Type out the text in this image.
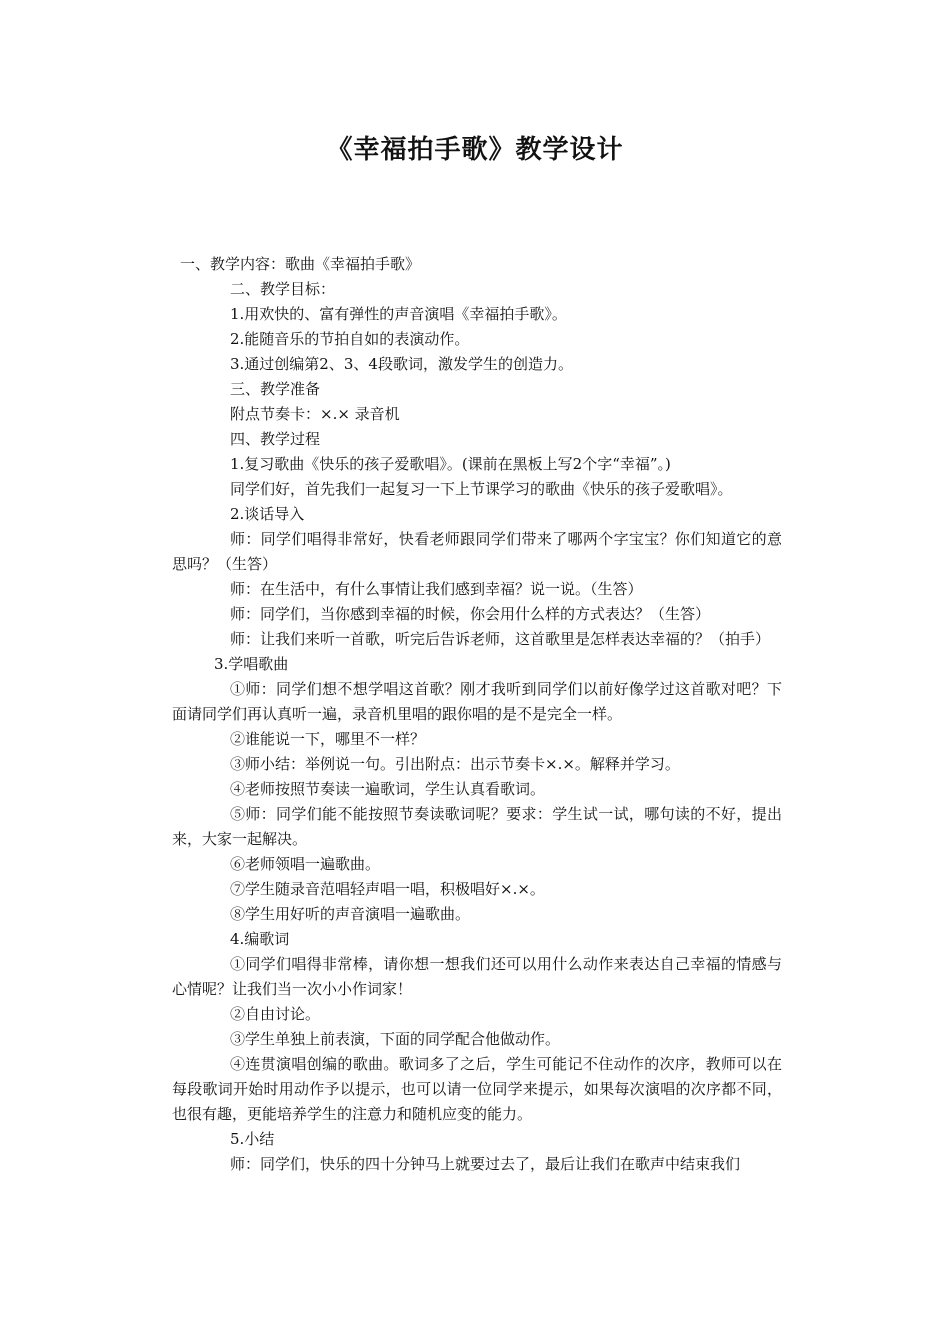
《幸福拍手歌》教学设计

一、教学内容：歌曲《幸福拍手歌》

二、教学目标：

1.用欢快的、富有弹性的声音演唱《幸福拍手歌》。

2.能随音乐的节拍自如的表演动作。

3.通过创编第2、3、4段歌词，激发学生的创造力。

三、教学准备

附点节奏卡：×.× 录音机

四、教学过程

1.复习歌曲《快乐的孩子爱歌唱》。(课前在黑板上写2个字“幸福”。)

同学们好，首先我们一起复习一下上节课学习的歌曲《快乐的孩子爱歌唱》。

2.谈话导入

师：同学们唱得非常好，快看老师跟同学们带来了哪两个字宝宝？你们知道它的意思吗？（生答）

师：在生活中，有什么事情让我们感到幸福？说一说。（生答）

师：同学们，当你感到幸福的时候，你会用什么样的方式表达？（生答）

师：让我们来听一首歌，听完后告诉老师，这首歌里是怎样表达幸福的？（拍手）

3.学唱歌曲

①师：同学们想不想学唱这首歌？刚才我听到同学们以前好像学过这首歌对吧？下面请同学们再认真听一遍，录音机里唱的跟你唱的是不是完全一样。

②谁能说一下，哪里不一样？

③师小结：举例说一句。引出附点：出示节奏卡×.×。解释并学习。

④老师按照节奏读一遍歌词，学生认真看歌词。

⑤师：同学们能不能按照节奏读歌词呢？要求：学生试一试，哪句读的不好，提出来，大家一起解决。

⑥老师领唱一遍歌曲。

⑦学生随录音范唱轻声唱一唱，积极唱好×.×。

⑧学生用好听的声音演唱一遍歌曲。

4.编歌词

①同学们唱得非常棒，请你想一想我们还可以用什么动作来表达自己幸福的情感与心情呢？让我们当一次小小作词家！

②自由讨论。

③学生单独上前表演，下面的同学配合他做动作。

④连贯演唱创编的歌曲。歌词多了之后，学生可能记不住动作的次序，教师可以在每段歌词开始时用动作予以提示，也可以请一位同学来提示，如果每次演唱的次序都不同，也很有趣，更能培养学生的注意力和随机应变的能力。

5.小结

师：同学们，快乐的四十分钟马上就要过去了，最后让我们在歌声中结束我们
